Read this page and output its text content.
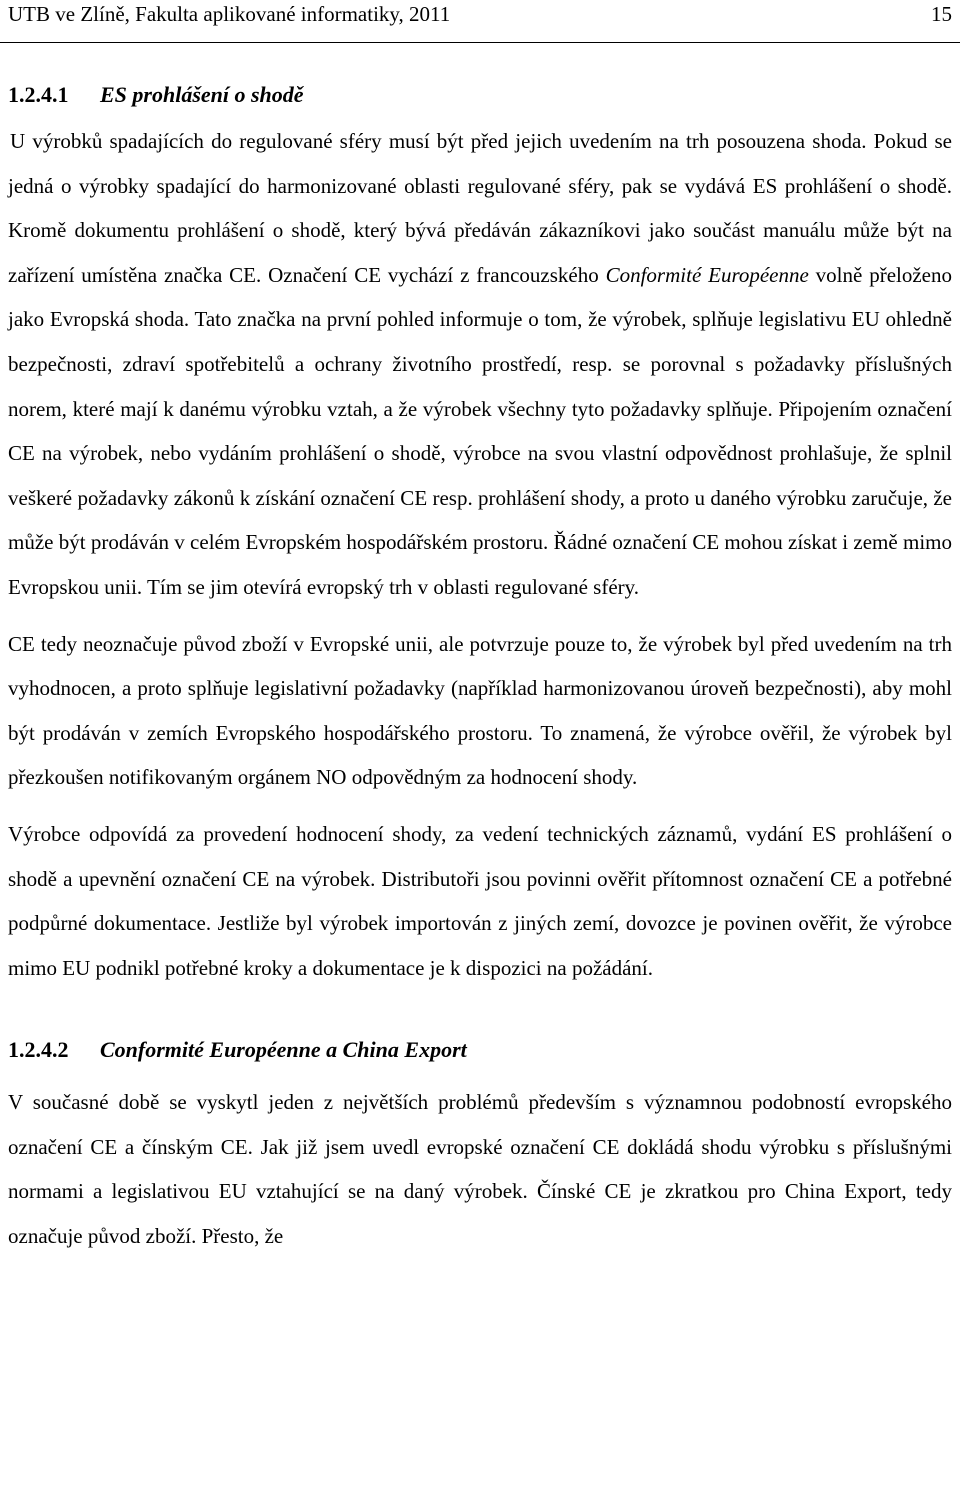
UTB ve Zlíně, Fakulta aplikované informatiky, 2011	15
1.2.4.1 ES prohlášení o shodě

U výrobků spadajících do regulované sféry musí být před jejich uvedením na trh posouzena shoda. Pokud se jedná o výrobky spadající do harmonizované oblasti regulované sféry, pak se vydává ES prohlášení o shodě. Kromě dokumentu prohlášení o shodě, který bývá předáván zákazníkovi jako součást manuálu může být na zařízení umístěna značka CE. Označení CE vychází z francouzského Conformité Européenne volně přeloženo jako Evropská shoda. Tato značka na první pohled informuje o tom, že výrobek, splňuje legislativu EU ohledně bezpečnosti, zdraví spotřebitelů a ochrany životního prostředí, resp. se porovnal s požadavky příslušných norem, které mají k danému výrobku vztah, a že výrobek všechny tyto požadavky splňuje. Připojením označení CE na výrobek, nebo vydáním prohlášení o shodě, výrobce na svou vlastní odpovědnost prohlašuje, že splnil veškeré požadavky zákonů k získání označení CE resp. prohlášení shody, a proto u daného výrobku zaručuje, že může být prodáván v celém Evropském hospodářském prostoru. Řádné označení CE mohou získat i země mimo Evropskou unii. Tím se jim otevírá evropský trh v oblasti regulované sféry.

CE tedy neoznačuje původ zboží v Evropské unii, ale potvrzuje pouze to, že výrobek byl před uvedením na trh vyhodnocen, a proto splňuje legislativní požadavky (například harmonizovanou úroveň bezpečnosti), aby mohl být prodáván v zemích Evropského hospodářského prostoru. To znamená, že výrobce ověřil, že výrobek byl přezkoušen notifikovaným orgánem NO odpovědným za hodnocení shody.

Výrobce odpovídá za provedení hodnocení shody, za vedení technických záznamů, vydání ES prohlášení o shodě a upevnění označení CE na výrobek. Distributoři jsou povinni ověřit přítomnost označení CE a potřebné podpůrné dokumentace. Jestliže byl výrobek importován z jiných zemí, dovozce je povinen ověřit, že výrobce mimo EU podnikl potřebné kroky a dokumentace je k dispozici na požádání.

1.2.4.2 Conformité Européenne a China Export

V současné době se vyskytl jeden z největších problémů především s významnou podobností evropského označení CE a čínským CE. Jak již jsem uvedl evropské označení CE dokládá shodu výrobku s příslušnými normami a legislativou EU vztahující se na daný výrobek. Čínské CE je zkratkou pro China Export, tedy označuje původ zboží. Přesto, že
